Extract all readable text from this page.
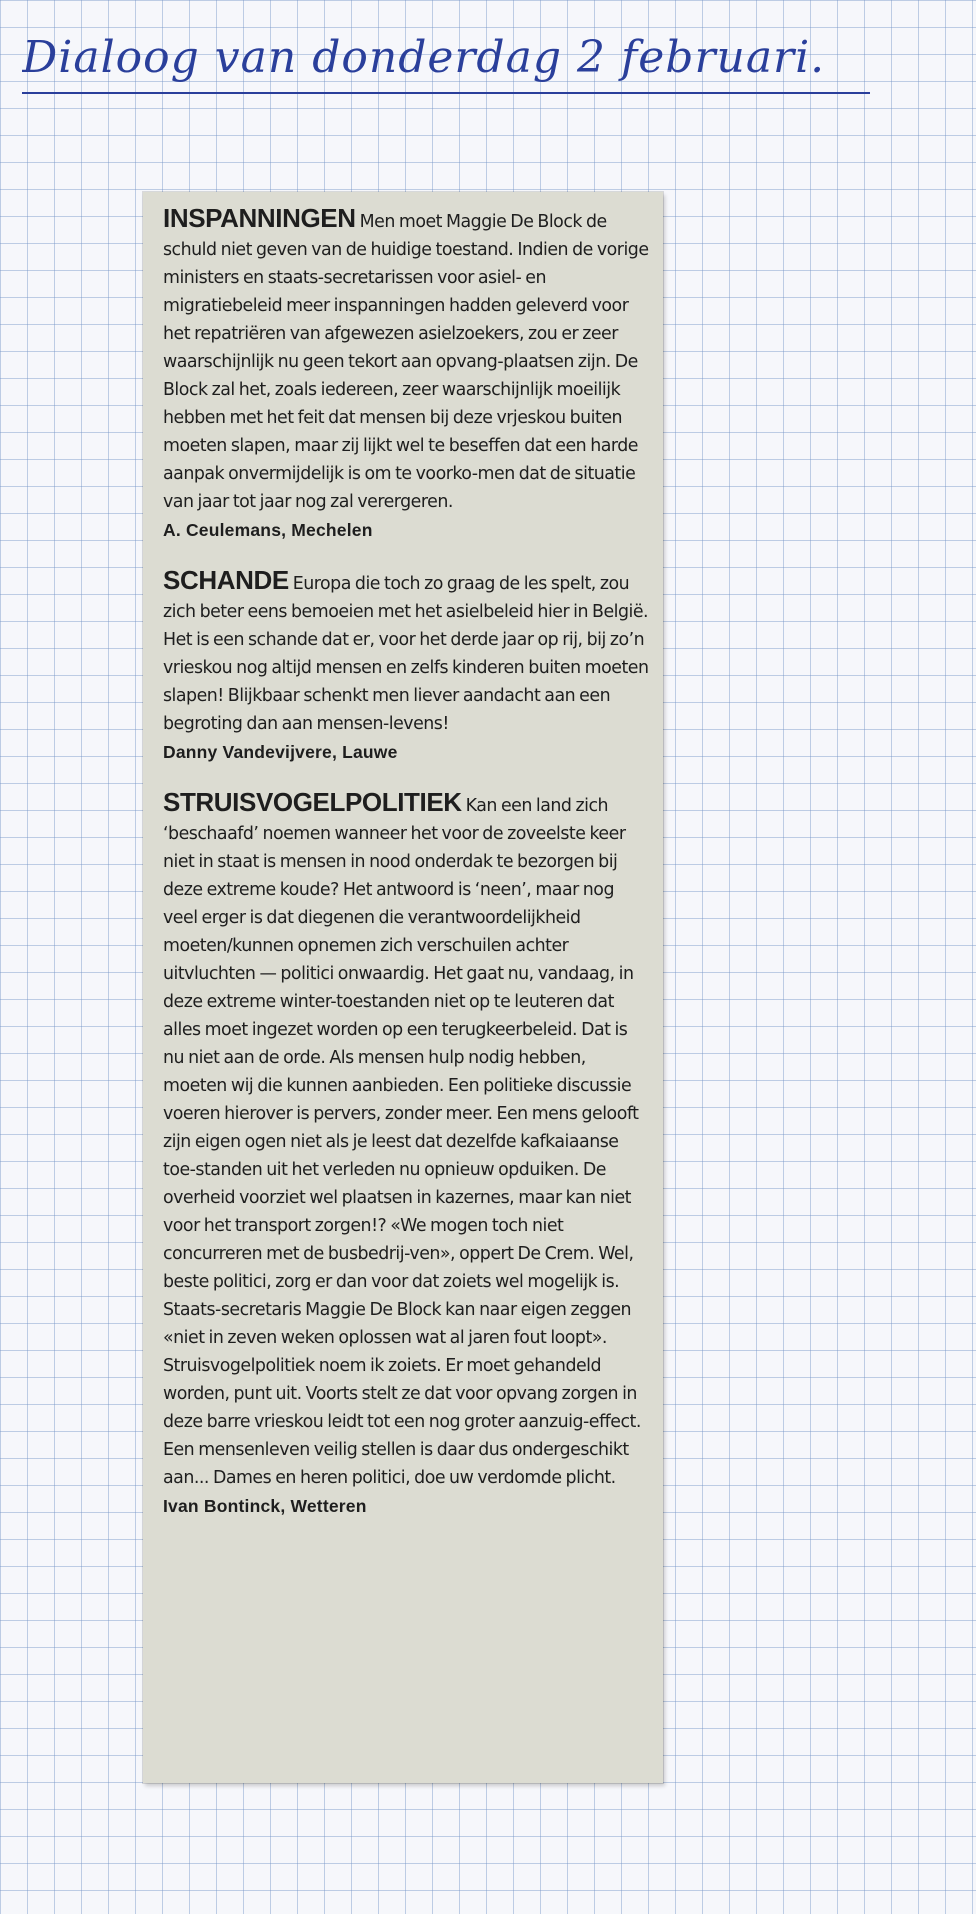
Dialoog van donderdag 2 februari.

INSPANNINGEN Men moet Maggie De Block de schuld niet geven van de huidige toestand. Indien de vorige ministers en staats-secretarissen voor asiel- en migratiebeleid meer inspanningen hadden geleverd voor het repatriëren van afgewezen asielzoekers, zou er zeer waarschijnlijk nu geen tekort aan opvang-plaatsen zijn. De Block zal het, zoals iedereen, zeer waarschijnlijk moeilijk hebben met het feit dat mensen bij deze vrjeskou buiten moeten slapen, maar zij lijkt wel te beseffen dat een harde aanpak onvermijdelijk is om te voorko-men dat de situatie van jaar tot jaar nog zal verergeren.

A. Ceulemans, Mechelen

SCHANDE Europa die toch zo graag de les spelt, zou zich beter eens bemoeien met het asielbeleid hier in België. Het is een schande dat er, voor het derde jaar op rij, bij zo’n vrieskou nog altijd mensen en zelfs kinderen buiten moeten slapen! Blijkbaar schenkt men liever aandacht aan een begroting dan aan mensen-levens!

Danny Vandevijvere, Lauwe

STRUISVOGELPOLITIEK Kan een land zich ‘beschaafd’ noemen wanneer het voor de zoveelste keer niet in staat is mensen in nood onderdak te bezorgen bij deze extreme koude? Het antwoord is ‘neen’, maar nog veel erger is dat diegenen die verantwoordelijkheid moeten/kunnen opnemen zich verschuilen achter uitvluchten — politici onwaardig. Het gaat nu, vandaag, in deze extreme winter-toestanden niet op te leuteren dat alles moet ingezet worden op een terugkeerbeleid. Dat is nu niet aan de orde. Als mensen hulp nodig hebben, moeten wij die kunnen aanbieden. Een politieke discussie voeren hierover is pervers, zonder meer. Een mens gelooft zijn eigen ogen niet als je leest dat dezelfde kafkaiaanse toe-standen uit het verleden nu opnieuw opduiken. De overheid voorziet wel plaatsen in kazernes, maar kan niet voor het transport zorgen!? «We mogen toch niet concurreren met de busbedrij-ven», oppert De Crem. Wel, beste politici, zorg er dan voor dat zoiets wel mogelijk is. Staats-secretaris Maggie De Block kan naar eigen zeggen «niet in zeven weken oplossen wat al jaren fout loopt». Struisvogelpolitiek noem ik zoiets. Er moet gehandeld worden, punt uit. Voorts stelt ze dat voor opvang zorgen in deze barre vrieskou leidt tot een nog groter aanzuig-effect. Een mensenleven veilig stellen is daar dus ondergeschikt aan... Dames en heren politici, doe uw verdomde plicht.

Ivan Bontinck, Wetteren
